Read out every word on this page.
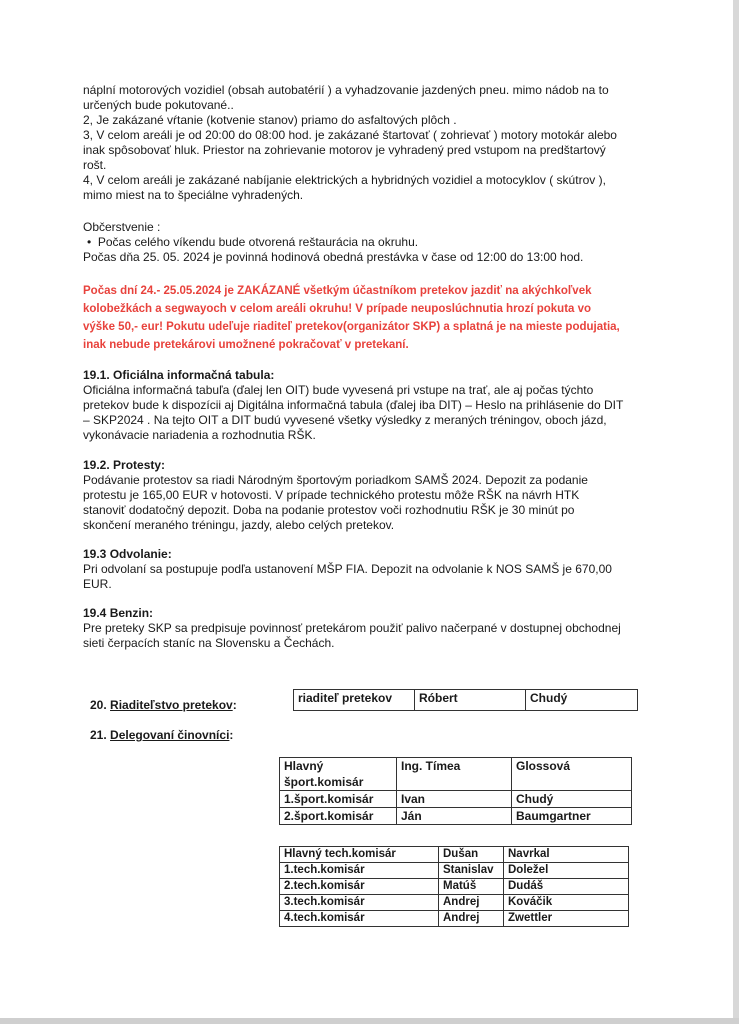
náplní motorových vozidiel (obsah autobatérií ) a vyhadzovanie jazdených pneu. mimo nádob na to
určených bude pokutované..
2, Je zakázané vŕtanie (kotvenie stanov) priamo do asfaltových plôch .
3, V celom areáli je od 20:00 do 08:00 hod. je zakázané štartovať ( zohrievať ) motory motokár alebo
inak spôsobovať hluk. Priestor na zohrievanie motorov je vyhradený pred vstupom na predštartový
rošt.
4, V celom areáli je zakázané nabíjanie elektrických a hybridných vozidiel a motocyklov ( skútrov ),
mimo miest na to špeciálne vyhradených.
Občerstvenie :
•  Počas celého víkendu bude otvorená reštaurácia na okruhu.
Počas dňa 25. 05. 2024 je povinná hodinová obedná prestávka v čase od 12:00 do 13:00 hod.
Počas dní 24.- 25.05.2024 je ZAKÁZANÉ všetkým účastníkom pretekov jazdiť na akýchkoľvek
kolobežkách a segwayoch v celom areáli okruhu! V prípade neuposlúchnutia hrozí pokuta vo
výške 50,- eur! Pokutu udeľuje riaditeľ pretekov(organizátor SKP) a splatná je na mieste podujatia,
inak nebude pretekárovi umožnené pokračovať v pretekaní.
19.1. Oficiálna informačná tabula:
Oficiálna informačná tabuľa (ďalej len OIT) bude vyvesená pri vstupe na trať, ale aj počas týchto
pretekov bude k dispozícii aj Digitálna informačná tabula (ďalej iba DIT) – Heslo na prihlásenie do DIT
– SKP2024 . Na tejto OIT a DIT budú vyvesené všetky výsledky z meraných tréningov, oboch jázd,
vykonávacie nariadenia a rozhodnutia RŠK.
19.2. Protesty:
Podávanie protestov sa riadi Národným športovým poriadkom SAMŠ 2024. Depozit za podanie
protestu je 165,00 EUR v hotovosti. V prípade technického protestu môže RŠK na návrh HTK
stanoviť dodatočný depozit. Doba na podanie protestov voči rozhodnutiu RŠK je 30 minút po
skončení meraného tréningu, jazdy, alebo celých pretekov.
19.3 Odvolanie:
Pri odvolaní sa postupuje podľa ustanovení MŠP FIA. Depozit na odvolanie k NOS SAMŠ je 670,00
EUR.
19.4 Benzin:
Pre preteky SKP sa predpisuje povinnosť pretekárom použiť palivo načerpané v dostupnej obchodnej
sieti čerpacích staníc na Slovensku a Čechách.
20. Riaditeľstvo pretekov:	riaditeľ pretekov	Róbert	Chudý
21. Delegovaní činovníci:
Hlavný	Ing. Tímea	Glossová
šport.komisár		
1.šport.komisár	Ivan	Chudý
2.šport.komisár	Ján	Baumgartner
Hlavný tech.komisár	Dušan	Navrkal
1.tech.komisár	Stanislav	Doležel
2.tech.komisár	Matúš	Dudáš
3.tech.komisár	Andrej	Kováčik
4.tech.komisár	Andrej	Zwettler
